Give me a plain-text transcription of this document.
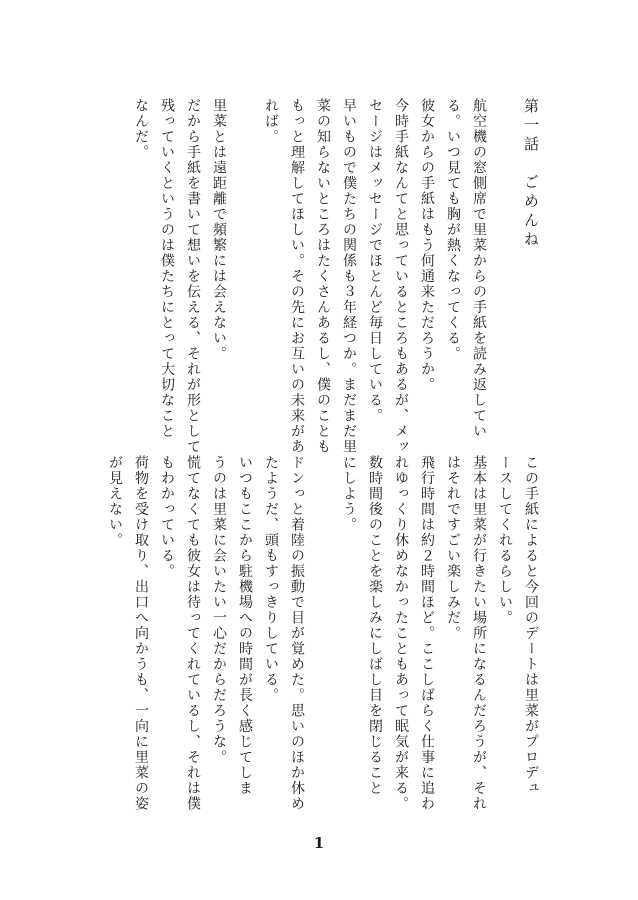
第一話　ごめんね
航空機の窓側席で里菜からの手紙を読み返してい
る。いつ見ても胸が熱くなってくる。
彼女からの手紙はもう何通来ただろうか。
今時手紙なんてと思っているところもあるが、メッ
セージはメッセージでほとんど毎日している。
早いもので僕たちの関係も３年経つか。まだまだ里
菜の知らないところはたくさんあるし、僕のことも
もっと理解してほしい。その先にお互いの未来があ
れば。
里菜とは遠距離で頻繁には会えない。
だから手紙を書いて想いを伝える、それが形として
残っていくというのは僕たちにとって大切なこと
なんだ。
この手紙によると今回のデートは里菜がプロデュ
ースしてくれるらしい。
基本は里菜が行きたい場所になるんだろうが、それ
はそれですごい楽しみだ。
飛行時間は約２時間ほど。ここしばらく仕事に追わ
れゆっくり休めなかったこともあって眠気が来る。
数時間後のことを楽しみにしばし目を閉じること
にしよう。
ドンっと着陸の振動で目が覚めた。思いのほか休め
たようだ、頭もすっきりしている。
いつもここから駐機場への時間が長く感じてしま
うのは里菜に会いたい一心だからだろうな。
慌てなくても彼女は待ってくれているし、それは僕
もわかっている。
荷物を受け取り、出口へ向かうも、一向に里菜の姿
が見えない。
1
